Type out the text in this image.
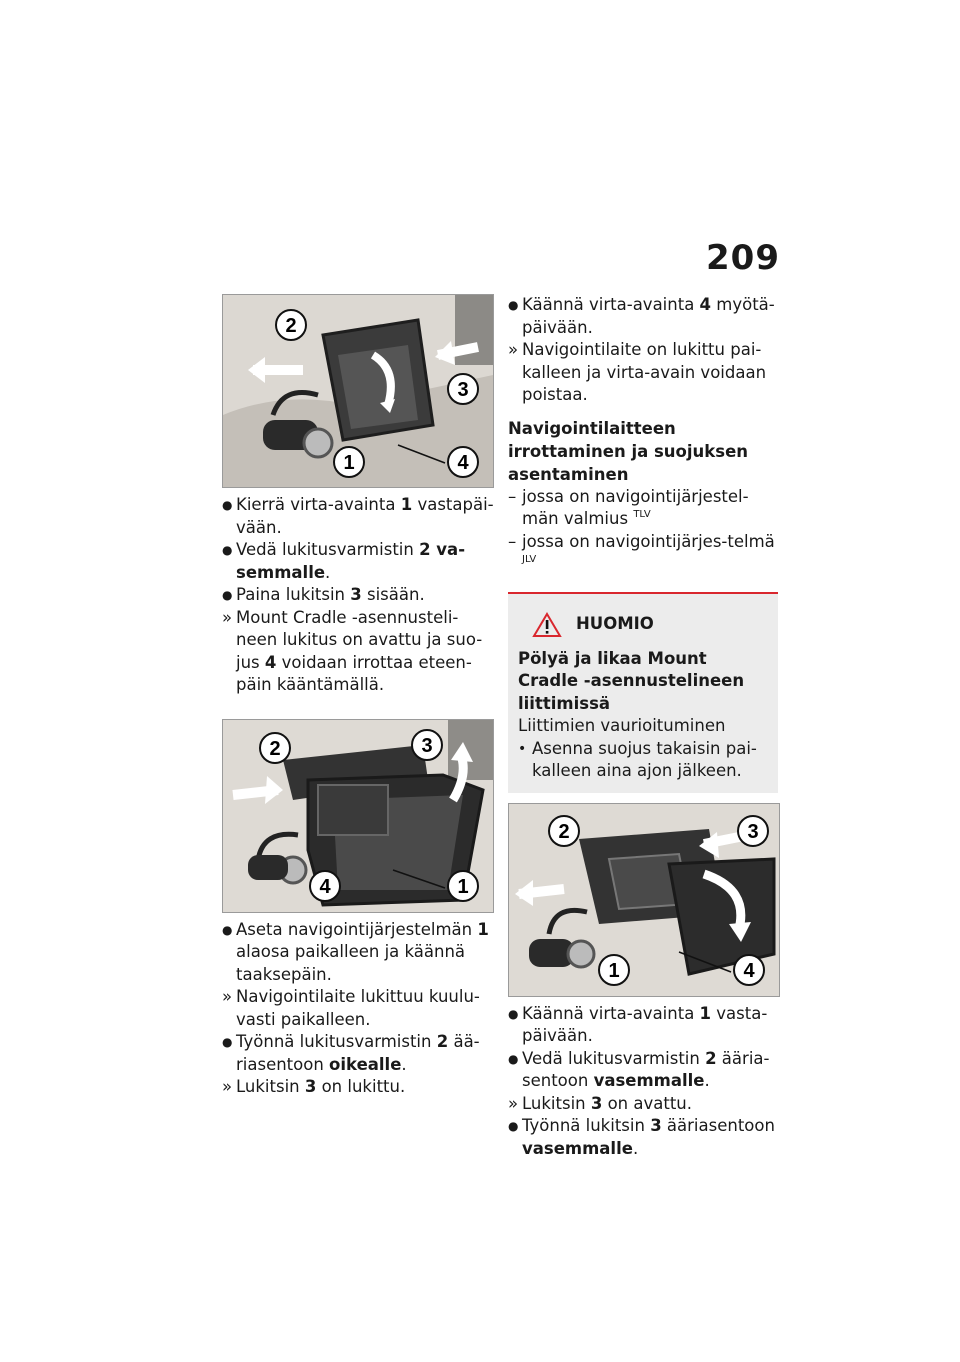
209
2
3
1	4
● Kierrä virta-avainta 1 vastapäi-vään.
● Vedä lukitusvarmistin 2 va-semmalle.
● Paina lukitsin 3 sisään.
» Mount Cradle -asennusteli-neen lukitus on avattu ja suo-jus 4 voidaan irrottaa eteen-päin kääntämällä.
2	3
4	1
● Aseta navigointijärjestelmän 1 alaosa paikalleen ja käännä taaksepäin.
» Navigointilaite lukittuu kuulu-vasti paikalleen.
● Työnnä lukitusvarmistin 2 ää-riasentoon oikealle.
» Lukitsin 3 on lukittu.
● Käännä virta-avainta 4 myötä-päivään.
» Navigointilaite on lukittu pai-kalleen ja virta-avain voidaan poistaa.
Navigointilaitteen irrottaminen ja suojuksen asentaminen
– jossa on navigointijärjestel-män valmius $^{TLV}$
– jossa on navigointijärjes-telmä $^{JLV}$
HUOMIO
Pölyä ja likaa Mount Cradle -asennustelineen liittimissä
Liittimien vaurioituminen
• Asenna suojus takaisin pai-kalleen aina ajon jälkeen.
2	3
1	4
● Käännä virta-avainta 1 vasta-päivään.
● Vedä lukitusvarmistin 2 ääria-sentoon vasemmalle.
» Lukitsin 3 on avattu.
● Työnnä lukitsin 3 ääriasentoon vasemmalle.
